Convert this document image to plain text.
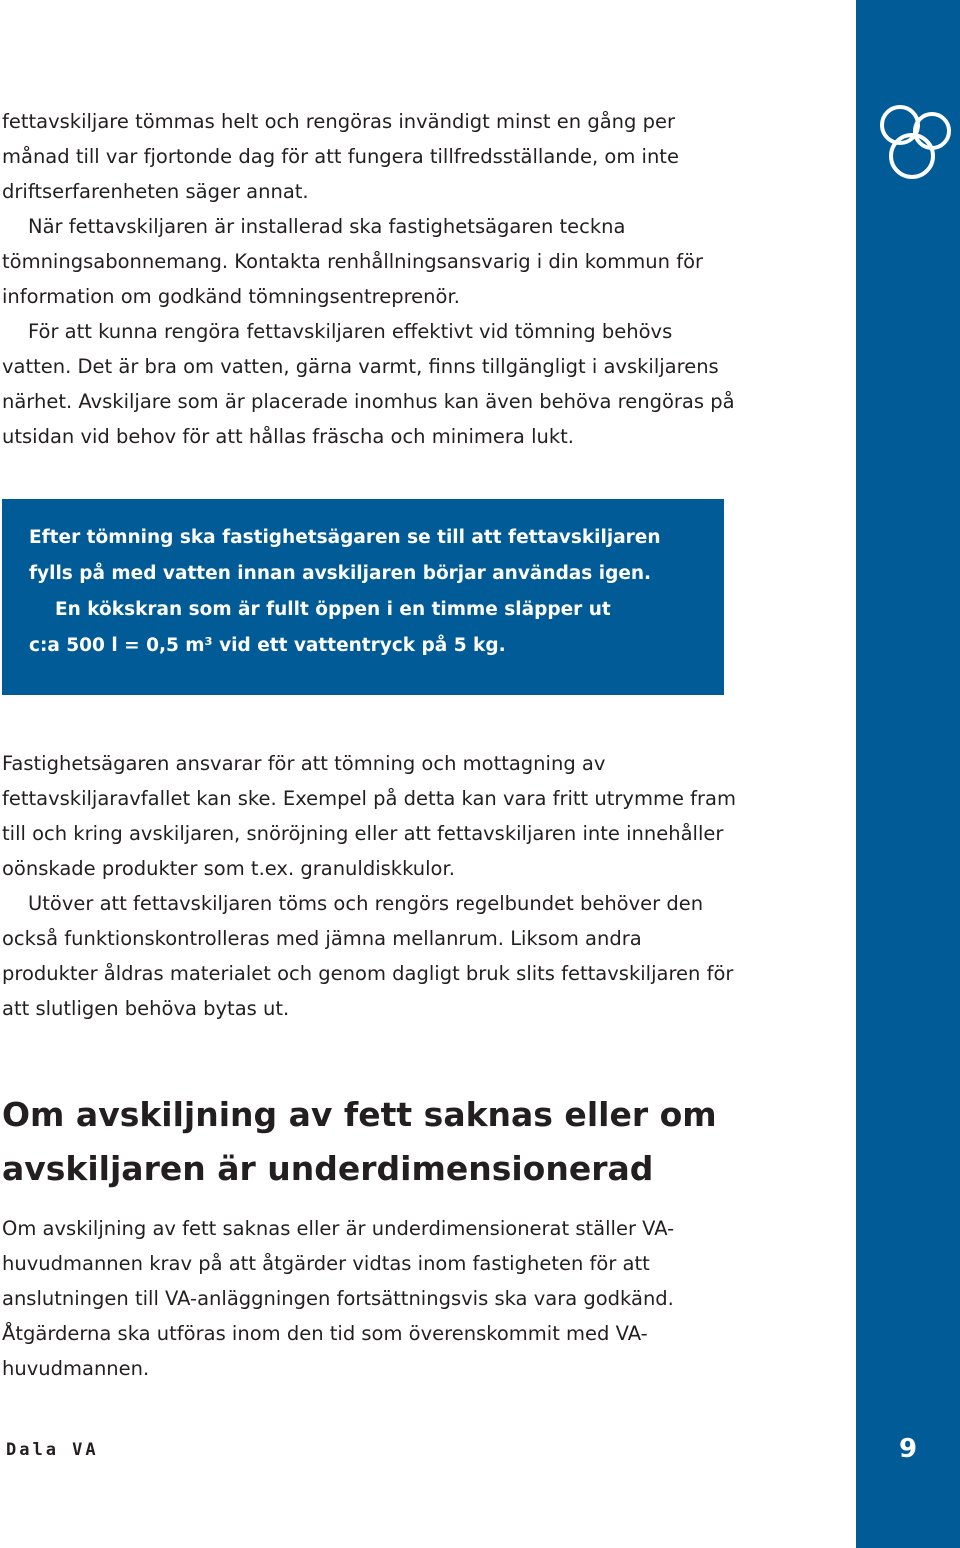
9
fettavskiljare tömmas helt och rengöras invändigt minst en gång per månad till var fjortonde dag för att fungera tillfredsställande, om inte driftserfarenheten säger annat.
När fettavskiljaren är installerad ska fastighetsägaren teckna tömningsabonnemang. Kontakta renhållningsansvarig i din kommun för information om godkänd tömningsentreprenör.
För att kunna rengöra fettavskiljaren effektivt vid tömning behövs vatten. Det är bra om vatten, gärna varmt, finns tillgängligt i avskiljarens närhet. Avskiljare som är placerade inomhus kan även behöva rengöras på utsidan vid behov för att hållas fräscha och minimera lukt.
Efter tömning ska fastighetsägaren se till att fettavskiljaren
fylls på med vatten innan avskiljaren börjar användas igen.
En kökskran som är fullt öppen i en timme släpper ut
c:a 500 l = 0,5 m³ vid ett vattentryck på 5 kg.
Fastighetsägaren ansvarar för att tömning och mottagning av fettavskiljaravfallet kan ske. Exempel på detta kan vara fritt utrymme fram till och kring avskiljaren, snöröjning eller att fettavskiljaren inte innehåller oönskade produkter som t.ex. granuldiskkulor.
Utöver att fettavskiljaren töms och rengörs regelbundet behöver den också funktionskontrolleras med jämna mellanrum. Liksom andra produkter åldras materialet och genom dagligt bruk slits fettavskiljaren för att slutligen behöva bytas ut.
Om avskiljning av fett saknas eller om avskiljaren är underdimensionerad
Om avskiljning av fett saknas eller är underdimensionerat ställer VA-huvudmannen krav på att åtgärder vidtas inom fastigheten för att anslutningen till VA-anläggningen fortsättningsvis ska vara godkänd. Åtgärderna ska utföras inom den tid som överenskommit med VA-huvudmannen.
Dala VA
